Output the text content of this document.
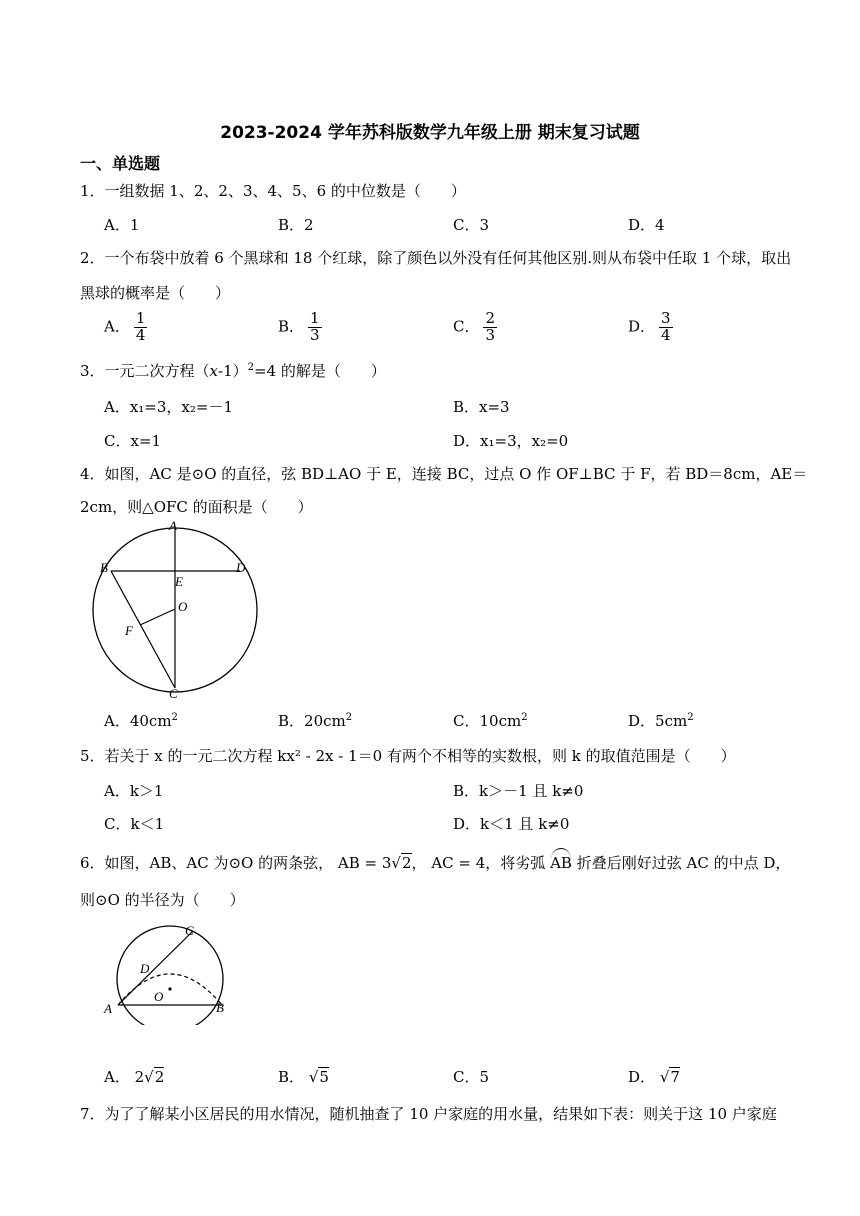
2023-2024 学年苏科版数学九年级上册 期末复习试题
一、单选题
1．一组数据 1、2、2、3、4、5、6 的中位数是（　　）
A．1	B．2	C．3	D．4
2．一个布袋中放着 6 个黑球和 18 个红球，除了颜色以外没有任何其他区别.则从布袋中任取 1 个球，取出
黑球的概率是（　　）
A． $\frac{1}{4}$	B． $\frac{1}{3}$	C． $\frac{2}{3}$	D． $\frac{3}{4}$
3．一元二次方程$(x-1)^2=4$ 的解是（　　）
A．x₁=3，x₂=－1	B．x=3
C．x=1	D．x₁=3，x₂=0
4．如图，AC 是⊙O 的直径，弦 BD⊥AO 于 E，连接 BC，过点 O 作 OF⊥BC 于 F，若 BD＝8cm，AE＝
2cm，则△OFC 的面积是（　　）
A
B	D
E
O
F
C
A．$40cm^2$	B．$20cm^2$	C．$10cm^2$	D．$5cm^2$
5．若关于 x 的一元二次方程 kx² - 2x - 1＝0 有两个不相等的实数根，则 k 的取值范围是（　　）
A．k＞1	B．k＞－1 且 k≠0
C．k＜1	D．k＜1 且 k≠0
6．如图，AB、AC 为⊙O 的两条弦， AB = 3√2， AC = 4，将劣弧 AB 折叠后刚好过弦 AC 的中点 D，
则⊙O 的半径为（　　）
C
D
O
A	B
A． 2√2	B． √5	C．5	D． √7
7．为了了解某小区居民的用水情况，随机抽查了 10 户家庭的用水量，结果如下表：则关于这 10 户家庭
